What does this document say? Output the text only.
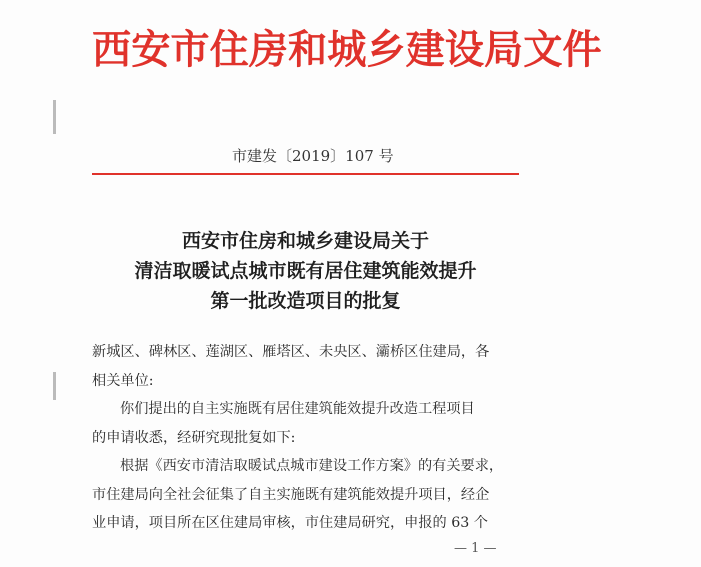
西安市住房和城乡建设局文件
市建发〔2019〕107 号
西安市住房和城乡建设局关于
清洁取暖试点城市既有居住建筑能效提升
第一批改造项目的批复

新城区、碑林区、莲湖区、雁塔区、未央区、灞桥区住建局，各

相关单位:

你们提出的自主实施既有居住建筑能效提升改造工程项目

的申请收悉，经研究现批复如下:

根据《西安市清洁取暖试点城市建设工作方案》的有关要求，

市住建局向全社会征集了自主实施既有建筑能效提升项目，经企

业申请，项目所在区住建局审核，市住建局研究，申报的 63 个

— 1 —
